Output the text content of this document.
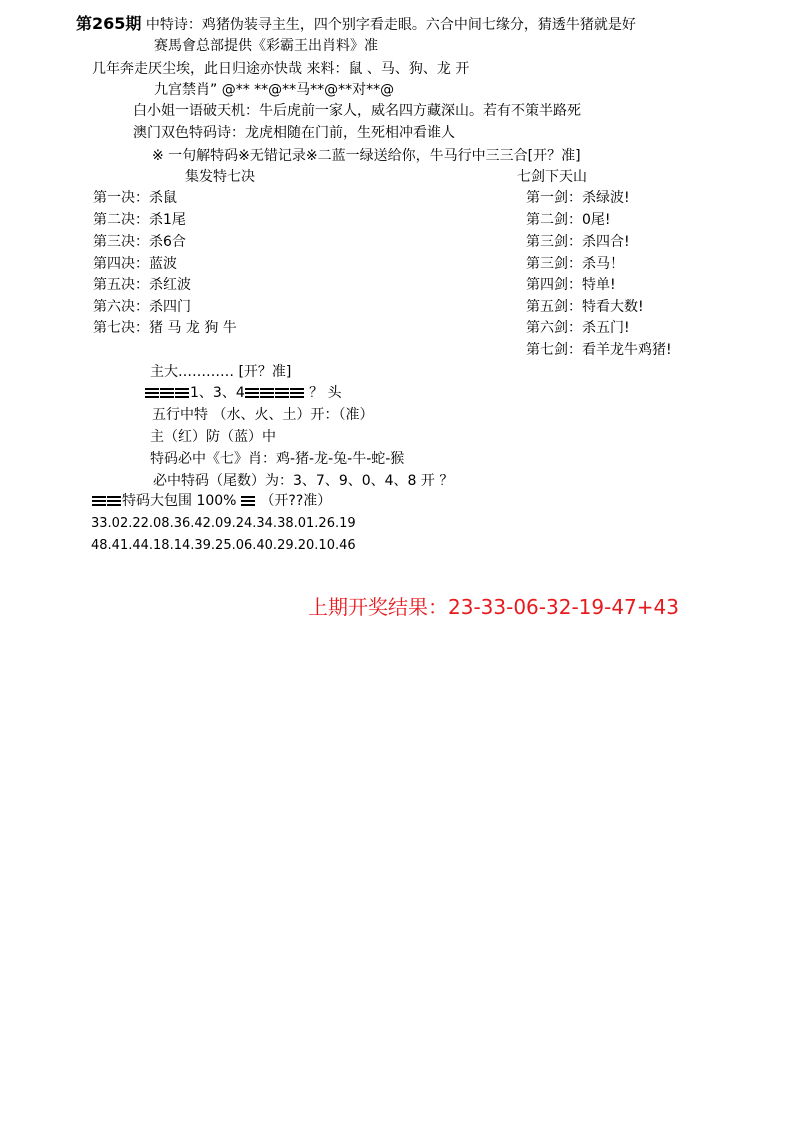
第265期 中特诗：鸡猪伪装寻主生，四个别字看走眼。六合中间七缘分，猜透牛猪就是好
赛馬會总部提供《彩霸王出肖料》准
几年奔走厌尘埃，此日归途亦快哉 来料：鼠 、马、狗、龙 开
九宫禁肖” @** **@**马**@**对**@
白小姐一语破天机：牛后虎前一家人，威名四方藏深山。若有不策半路死
澳门双色特码诗：龙虎相随在门前，生死相冲看谁人
※ 一句解特码※无错记录※二蓝一绿送给你，牛马行中三三合[开？准]
集发特七决	七剑下天山
第一决：杀鼠
第二决：杀1尾
第三决：杀6合
第四决：蓝波
第五决：杀红波
第六决：杀四门
第七决：猪 马 龙 狗 牛
第一剑：杀绿波!
第二剑：0尾!
第三剑：杀四合!
第三剑：杀马！
第四剑：特单!
第五剑：特看大数!
第六剑：杀五门!
第七剑：看羊龙牛鸡猪!
主大………… [开？准]
1、3、4	？ 头
五行中特 （水、火、土）开：（准）
主（红）防（蓝）中
特码必中《七》肖：鸡-猪-龙-兔-牛-蛇-猴
必中特码（尾数）为：3、7、9、0、4、8 开 ？
特码大包围 100%  （开??准）
33.02.22.08.36.42.09.24.34.38.01.26.19
48.41.44.18.14.39.25.06.40.29.20.10.46
上期开奖结果：23-33-06-32-19-47+43
